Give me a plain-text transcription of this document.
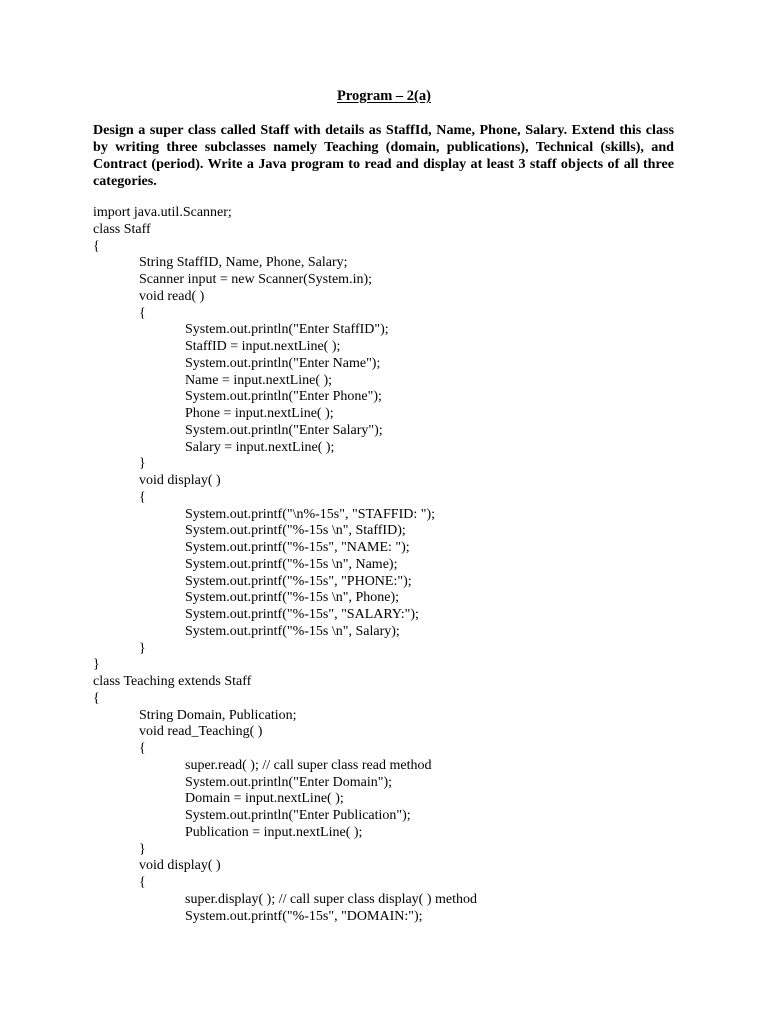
Program – 2(a)
Design a super class called Staff with details as StaffId, Name, Phone, Salary. Extend this class by writing three subclasses namely Teaching (domain, publications), Technical (skills), and Contract (period). Write a Java program to read and display at least 3 staff objects of all three categories.
import java.util.Scanner;
class Staff
{
String StaffID, Name, Phone, Salary;
Scanner input = new Scanner(System.in);
void read( )
{
System.out.println("Enter StaffID");
StaffID = input.nextLine( );
System.out.println("Enter Name");
Name = input.nextLine( );
System.out.println("Enter Phone");
Phone = input.nextLine( );
System.out.println("Enter Salary");
Salary = input.nextLine( );
}
void display( )
{
System.out.printf("\n%-15s", "STAFFID: ");
System.out.printf("%-15s \n", StaffID);
System.out.printf("%-15s", "NAME: ");
System.out.printf("%-15s \n", Name);
System.out.printf("%-15s", "PHONE:");
System.out.printf("%-15s \n", Phone);
System.out.printf("%-15s", "SALARY:");
System.out.printf("%-15s \n", Salary);
}
}
class Teaching extends Staff
{
String Domain, Publication;
void read_Teaching( )
{
super.read( ); // call super class read method
System.out.println("Enter Domain");
Domain = input.nextLine( );
System.out.println("Enter Publication");
Publication = input.nextLine( );
}
void display( )
{
super.display( ); // call super class display( ) method
System.out.printf("%-15s", "DOMAIN:");
